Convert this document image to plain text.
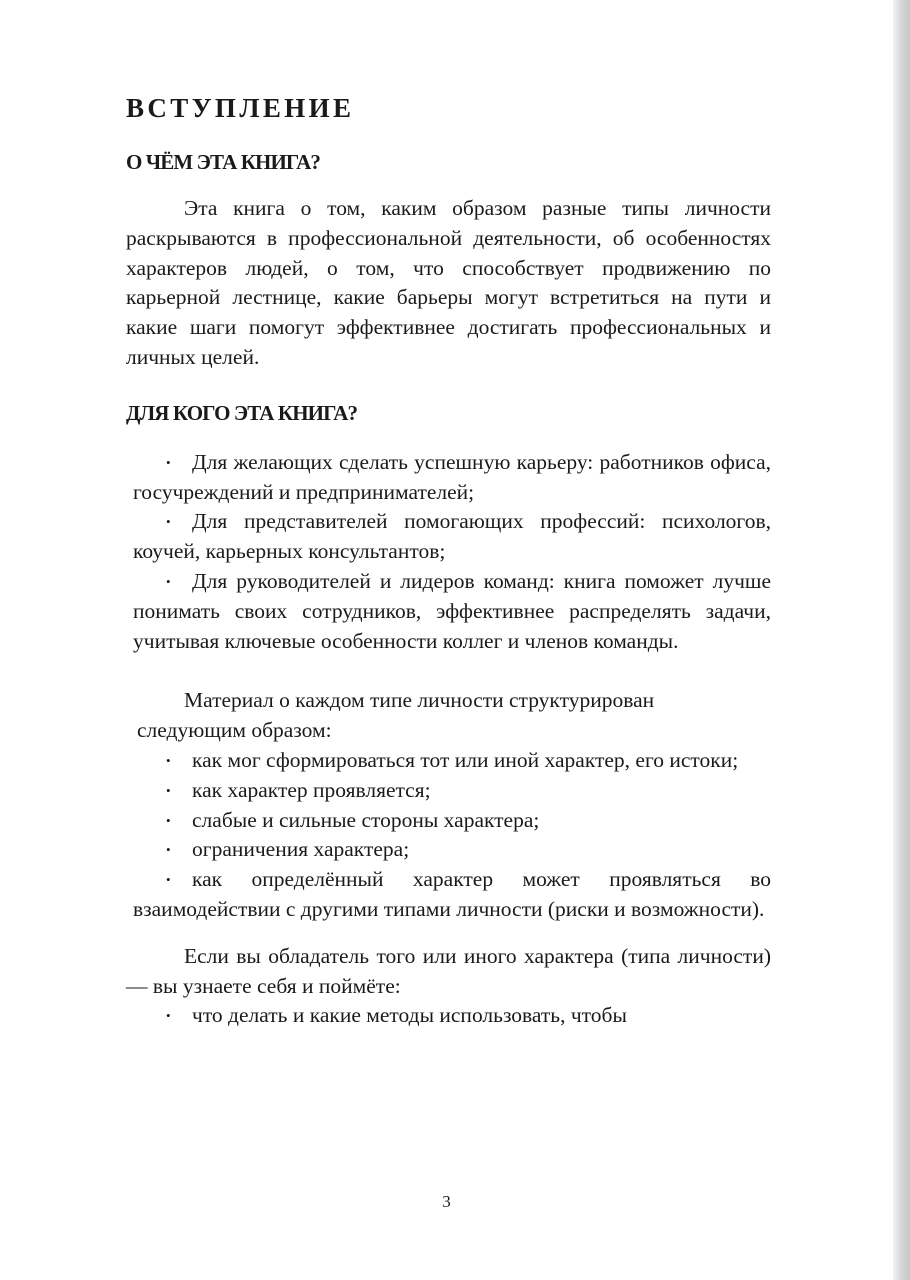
ВСТУПЛЕНИЕ
О ЧЁМ ЭТА КНИГА?

Эта книга о том, каким образом разные типы личности раскрываются в профессиональной деятельности, об особенностях характеров людей, о том, что способствует продвижению по карьерной лестнице, какие барьеры могут встретиться на пути и какие шаги помогут эффективнее достигать профессиональных и личных целей.

ДЛЯ КОГО ЭТА КНИГА?
• Для желающих сделать успешную карьеру: работников офиса, госучреждений и предпринимателей;
• Для представителей помогающих профессий: психологов, коучей, карьерных консультантов;
• Для руководителей и лидеров команд: книга поможет лучше понимать своих сотрудников, эффективнее распределять задачи, учитывая ключевые особенности коллег и членов команды.

Материал о каждом типе личности структурирован

следующим образом:

• как мог сформироваться тот или иной характер, его истоки;
• как характер проявляется;
• слабые и сильные стороны характера;
• ограничения характера;
• как определённый характер может проявляться во взаимодействии с другими типами личности (риски и возможности).

Если вы обладатель того или иного характера (типа личности) — вы узнаете себя и поймёте:

• что делать и какие методы использовать, чтобы
3
